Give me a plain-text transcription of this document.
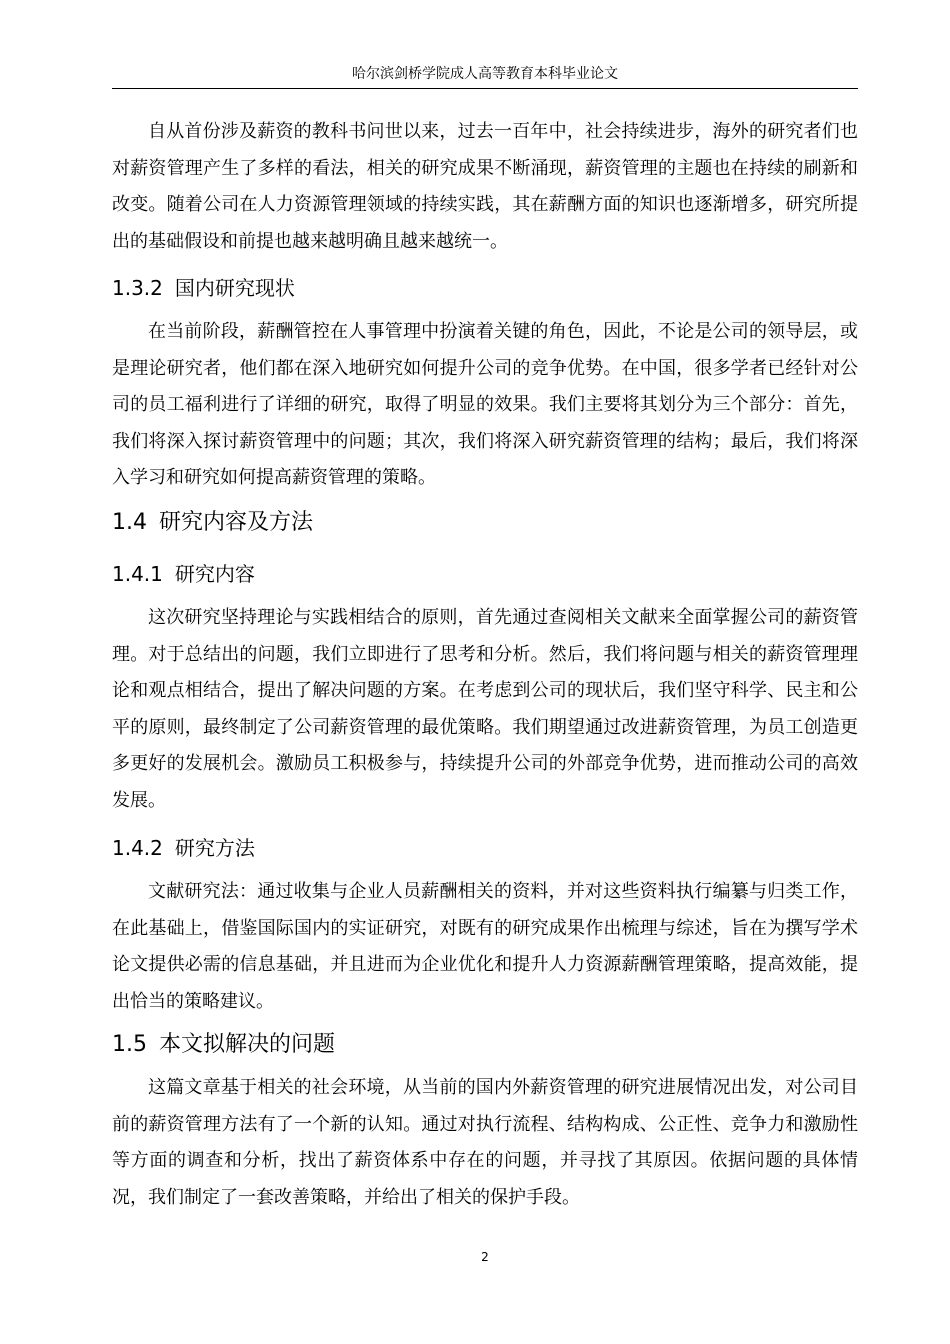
哈尔滨剑桥学院成人高等教育本科毕业论文

自从首份涉及薪资的教科书问世以来，过去一百年中，社会持续进步，海外的研究者们也对薪资管理产生了多样的看法，相关的研究成果不断涌现，薪资管理的主题也在持续的刷新和改变。随着公司在人力资源管理领域的持续实践，其在薪酬方面的知识也逐渐增多，研究所提出的基础假设和前提也越来越明确且越来越统一。

1.3.2 国内研究现状

在当前阶段，薪酬管控在人事管理中扮演着关键的角色，因此，不论是公司的领导层，或是理论研究者，他们都在深入地研究如何提升公司的竞争优势。在中国，很多学者已经针对公司的员工福利进行了详细的研究，取得了明显的效果。我们主要将其划分为三个部分：首先，我们将深入探讨薪资管理中的问题；其次，我们将深入研究薪资管理的结构；最后，我们将深入学习和研究如何提高薪资管理的策略。

1.4 研究内容及方法
1.4.1 研究内容

这次研究坚持理论与实践相结合的原则，首先通过查阅相关文献来全面掌握公司的薪资管理。对于总结出的问题，我们立即进行了思考和分析。然后，我们将问题与相关的薪资管理理论和观点相结合，提出了解决问题的方案。在考虑到公司的现状后，我们坚守科学、民主和公平的原则，最终制定了公司薪资管理的最优策略。我们期望通过改进薪资管理，为员工创造更多更好的发展机会。激励员工积极参与，持续提升公司的外部竞争优势，进而推动公司的高效发展。

1.4.2 研究方法

文献研究法：通过收集与企业人员薪酬相关的资料，并对这些资料执行编纂与归类工作，在此基础上，借鉴国际国内的实证研究，对既有的研究成果作出梳理与综述，旨在为撰写学术论文提供必需的信息基础，并且进而为企业优化和提升人力资源薪酬管理策略，提高效能，提出恰当的策略建议。

1.5 本文拟解决的问题

这篇文章基于相关的社会环境，从当前的国内外薪资管理的研究进展情况出发，对公司目前的薪资管理方法有了一个新的认知。通过对执行流程、结构构成、公正性、竞争力和激励性等方面的调查和分析，找出了薪资体系中存在的问题，并寻找了其原因。依据问题的具体情况，我们制定了一套改善策略，并给出了相关的保护手段。

2
